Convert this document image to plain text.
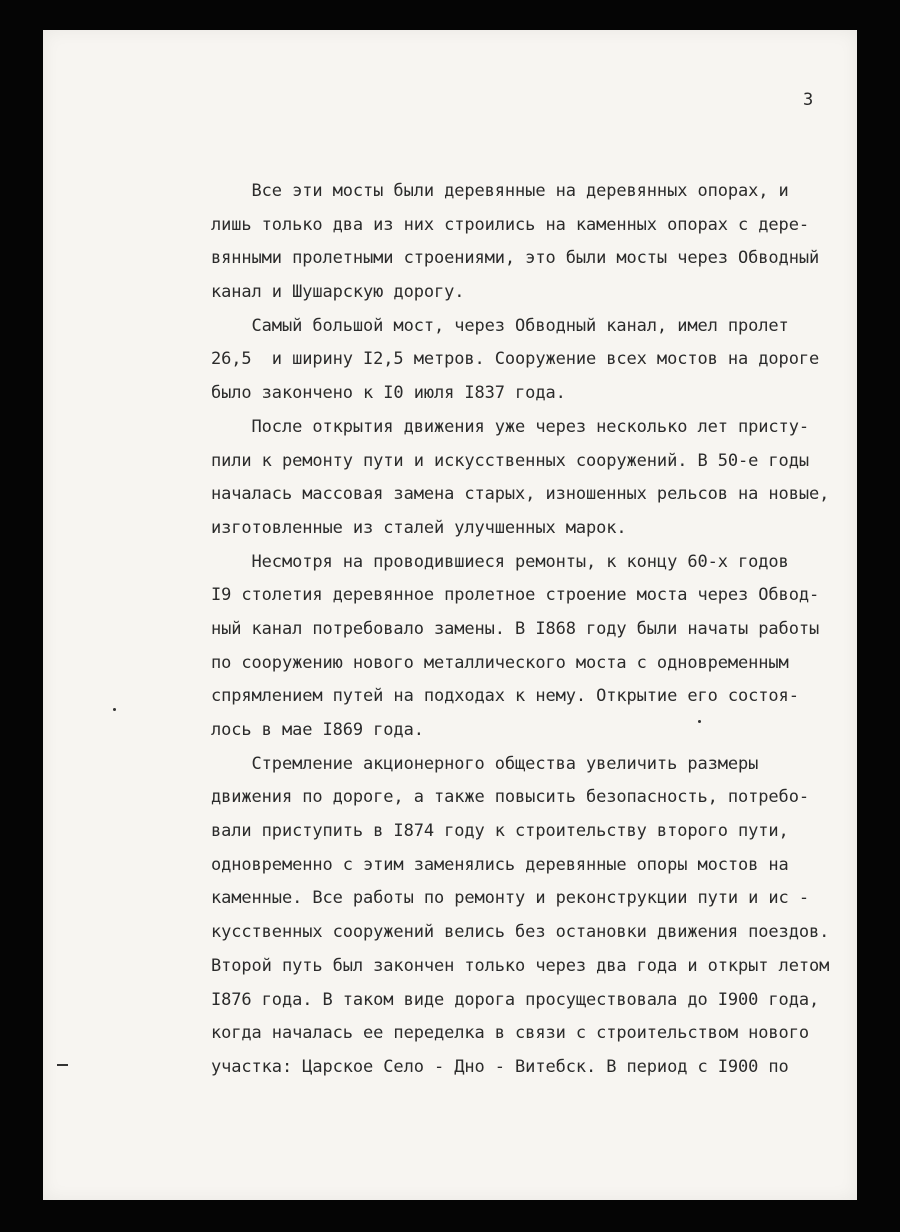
3
Все эти мосты были деревянные на деревянных опорах, и
лишь только два из них строились на каменных опорах с дере-
вянными пролетными строениями, это были мосты через Обводный
канал и Шушарскую дорогу.
Самый большой мост, через Обводный канал, имел пролет
26,5  и ширину I2,5 метров. Сооружение всех мостов на дороге
было закончено к I0 июля I837 года.
После открытия движения уже через несколько лет присту-
пили к ремонту пути и искусственных сооружений. В 50-е годы
началась массовая замена старых, изношенных рельсов на новые,
изготовленные из сталей улучшенных марок.
Несмотря на проводившиеся ремонты, к концу 60-х годов
I9 столетия деревянное пролетное строение моста через Обвод-
ный канал потребовало замены. В I868 году были начаты работы
по сооружению нового металлического моста с одновременным
спрямлением путей на подходах к нему. Открытие его состоя-
лось в мае I869 года.
Стремление акционерного общества увеличить размеры
движения по дороге, а также повысить безопасность, потребо-
вали приступить в I874 году к строительству второго пути,
одновременно с этим заменялись деревянные опоры мостов на
каменные. Все работы по ремонту и реконструкции пути и ис -
кусственных сооружений велись без остановки движения поездов.
Второй путь был закончен только через два года и открыт летом
I876 года. В таком виде дорога просуществовала до I900 года,
когда началась ее переделка в связи с строительством нового
участка: Царское Село - Дно - Витебск. В период с I900 по
